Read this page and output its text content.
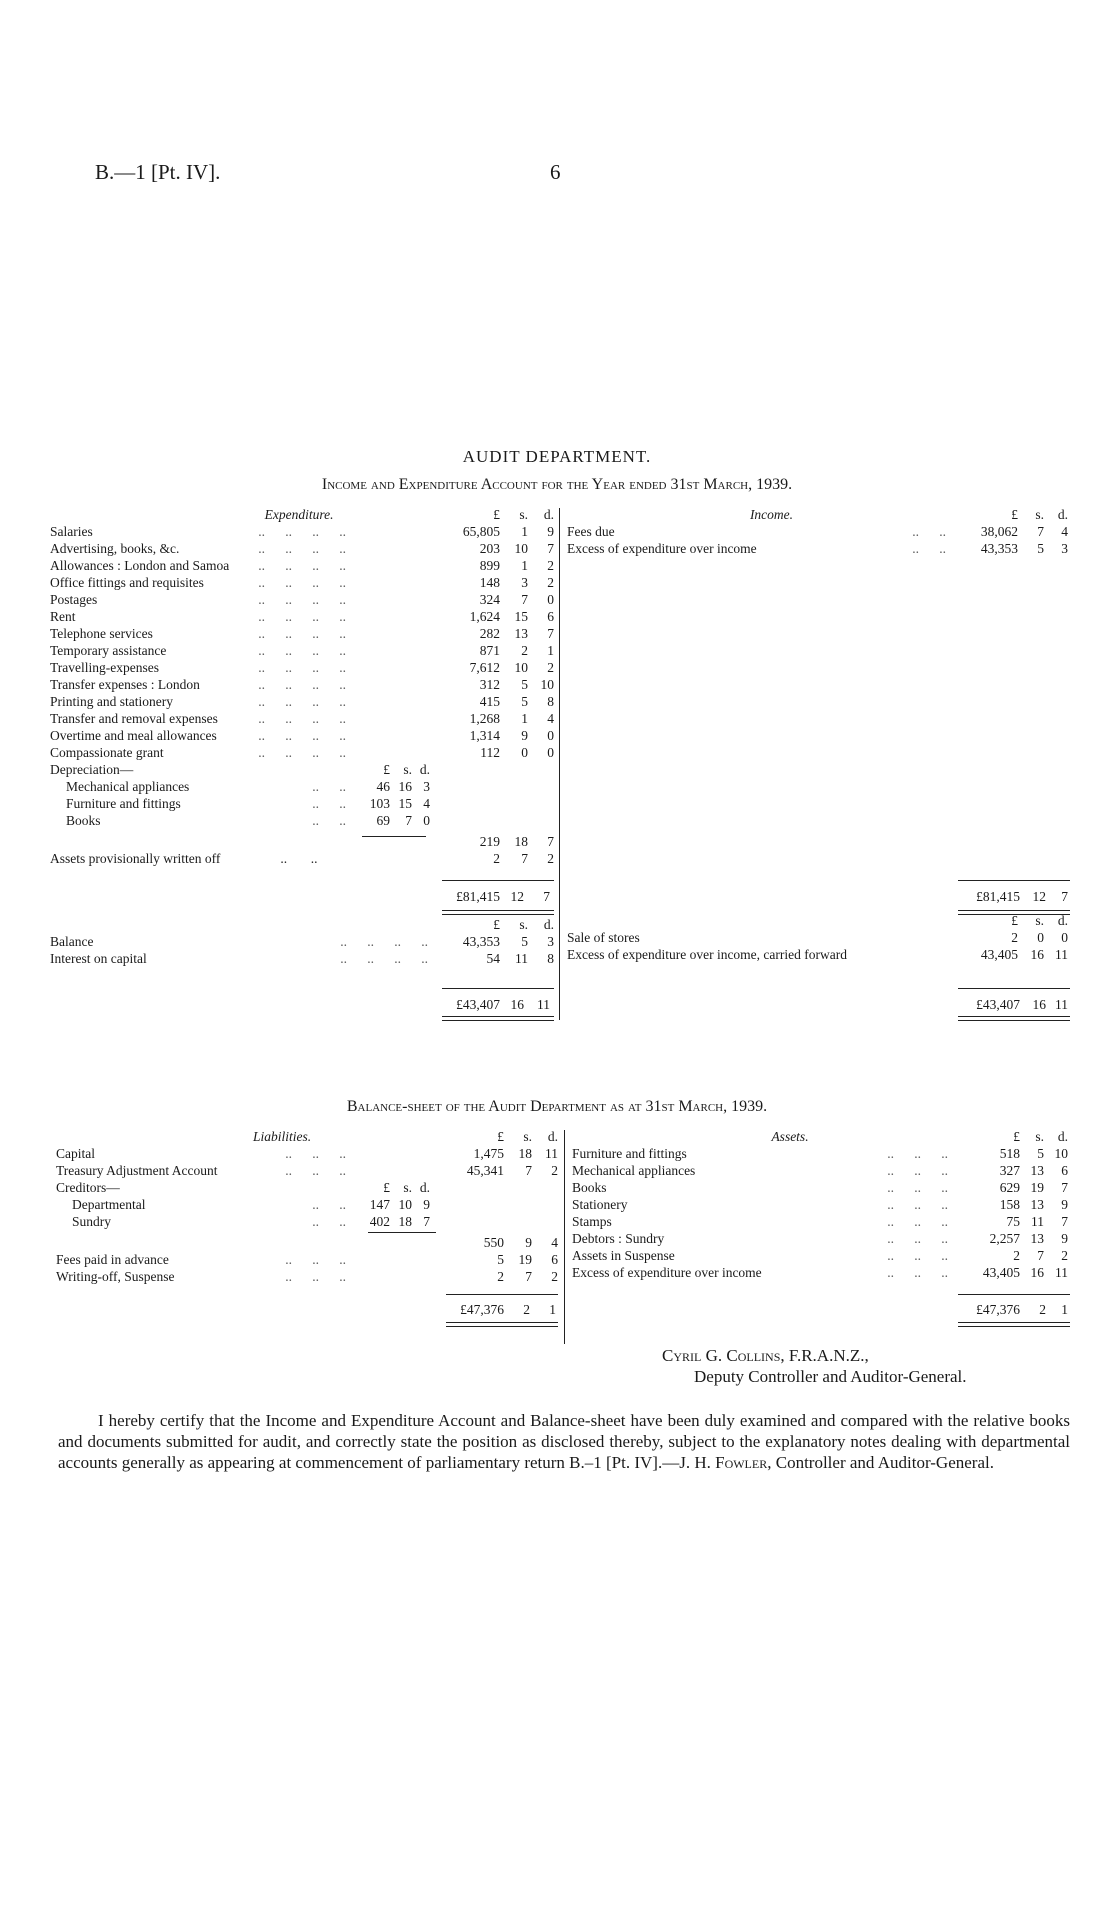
B.—1 [Pt. IV].	6
AUDIT DEPARTMENT.
Income and Expenditure Account for the Year ended 31st March, 1939.
Expenditure.				£	s.	d.
Salaries ..      ..      ..      ..				65,805	1	9
Advertising, books, &c. ..      ..      ..      ..				203	10	7
Allowances : London and Samoa ..      ..      ..      ..				899	1	2
Office fittings and requisites ..      ..      ..      ..				148	3	2
Postages ..      ..      ..      ..				324	7	0
Rent ..      ..      ..      ..				1,624	15	6
Telephone services ..      ..      ..      ..				282	13	7
Temporary assistance ..      ..      ..      ..				871	2	1
Travelling-expenses ..      ..      ..      ..				7,612	10	2
Transfer expenses : London ..      ..      ..      ..				312	5	10
Printing and stationery ..      ..      ..      ..				415	5	8
Transfer and removal expenses ..      ..      ..      ..				1,268	1	4
Overtime and meal allowances ..      ..      ..      ..				1,314	9	0
Compassionate grant ..      ..      ..      ..				112	0	0
Depreciation—	£	s.	d.			
Mechanical appliances ..      ..	46	16	3			
Furniture and fittings ..      ..	103	15	4			
Books ..      ..	69	7	0			
				219	18	7
Assets provisionally written off ..       ..				2	7	2
£81,415 12 7
Income.	£	s.	d.
Fees due ..      ..	38,062	7	4
Excess of expenditure over income ..      ..	43,353	5	3
£81,415 12 7
	£	s.	d.
Balance ..      ..      ..      ..	43,353	5	3
Interest on capital ..      ..      ..      ..	54	11	8
£43,407 16 11
	£	s.	d.
Sale of stores	2	0	0
Excess of expenditure over income, carried forward	43,405	16	11
£43,407 16 11
Balance-sheet of the Audit Department as at 31st March, 1939.
Liabilities.				£	s.	d.
Capital ..      ..      ..				1,475	18	11
Treasury Adjustment Account ..      ..      ..				45,341	7	2
Creditors—	£	s.	d.			
Departmental ..      ..	147	10	9			
Sundry ..      ..	402	18	7			
				550	9	4
Fees paid in advance ..      ..      ..				5	19	6
Writing-off, Suspense ..      ..      ..				2	7	2
£47,376 2 1
Assets.	£	s.	d.
Furniture and fittings ..      ..      ..	518	5	10
Mechanical appliances ..      ..      ..	327	13	6
Books ..      ..      ..	629	19	7
Stationery ..      ..      ..	158	13	9
Stamps ..      ..      ..	75	11	7
Debtors : Sundry ..      ..      ..	2,257	13	9
Assets in Suspense ..      ..      ..	2	7	2
Excess of expenditure over income ..      ..      ..	43,405	16	11
£47,376 2 1
Cyril G. Collins, F.R.A.N.Z.,
Deputy Controller and Auditor-General.
I hereby certify that the Income and Expenditure Account and Balance-sheet have been duly examined and compared with the relative books and documents submitted for audit, and correctly state the position as disclosed thereby, subject to the explanatory notes dealing with departmental accounts generally as appearing at commencement of parliamentary return B.–1 [Pt. IV].—J. H. Fowler, Controller and Auditor-General.
